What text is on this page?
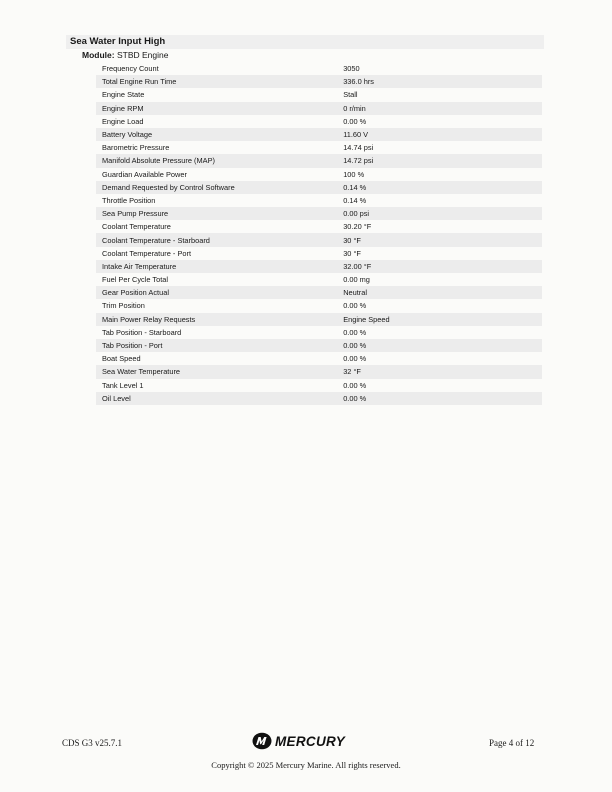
Sea Water Input High
Module: STBD Engine
Frequency Count	3050
Total Engine Run Time	336.0 hrs
Engine State	Stall
Engine RPM	0 r/min
Engine Load	0.00 %
Battery Voltage	11.60 V
Barometric Pressure	14.74 psi
Manifold Absolute Pressure (MAP)	14.72 psi
Guardian Available Power	100 %
Demand Requested by Control Software	0.14 %
Throttle Position	0.14 %
Sea Pump Pressure	0.00 psi
Coolant Temperature	30.20 °F
Coolant Temperature - Starboard	30 °F
Coolant Temperature - Port	30 °F
Intake Air Temperature	32.00 °F
Fuel Per Cycle Total	0.00 mg
Gear Position Actual	Neutral
Trim Position	0.00 %
Main Power Relay Requests	Engine Speed
Tab Position - Starboard	0.00 %
Tab Position - Port	0.00 %
Boat Speed	0.00 %
Sea Water Temperature	32 °F
Tank Level 1	0.00 %
Oil Level	0.00 %
CDS G3 v25.7.1	MERCURY	Page 4 of 12
Copyright © 2025 Mercury Marine. All rights reserved.
